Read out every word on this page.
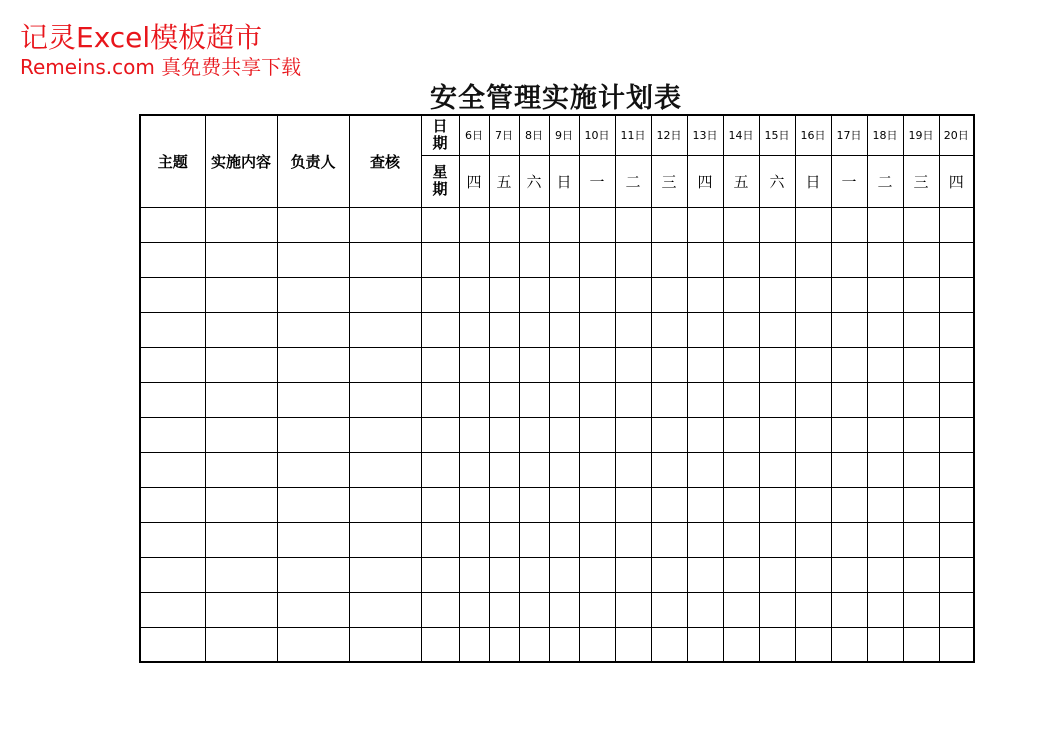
记灵Excel模板超市
Remeins.com 真免费共享下载
安全管理实施计划表
主题	实施内容	负责人	查核	日期	6日	7日	8日	9日	10日	11日	12日	13日	14日	15日	16日	17日	18日	19日	20日

				星期	四	五	六	日	一	二	三	四	五	六	日	一	二	三	四
